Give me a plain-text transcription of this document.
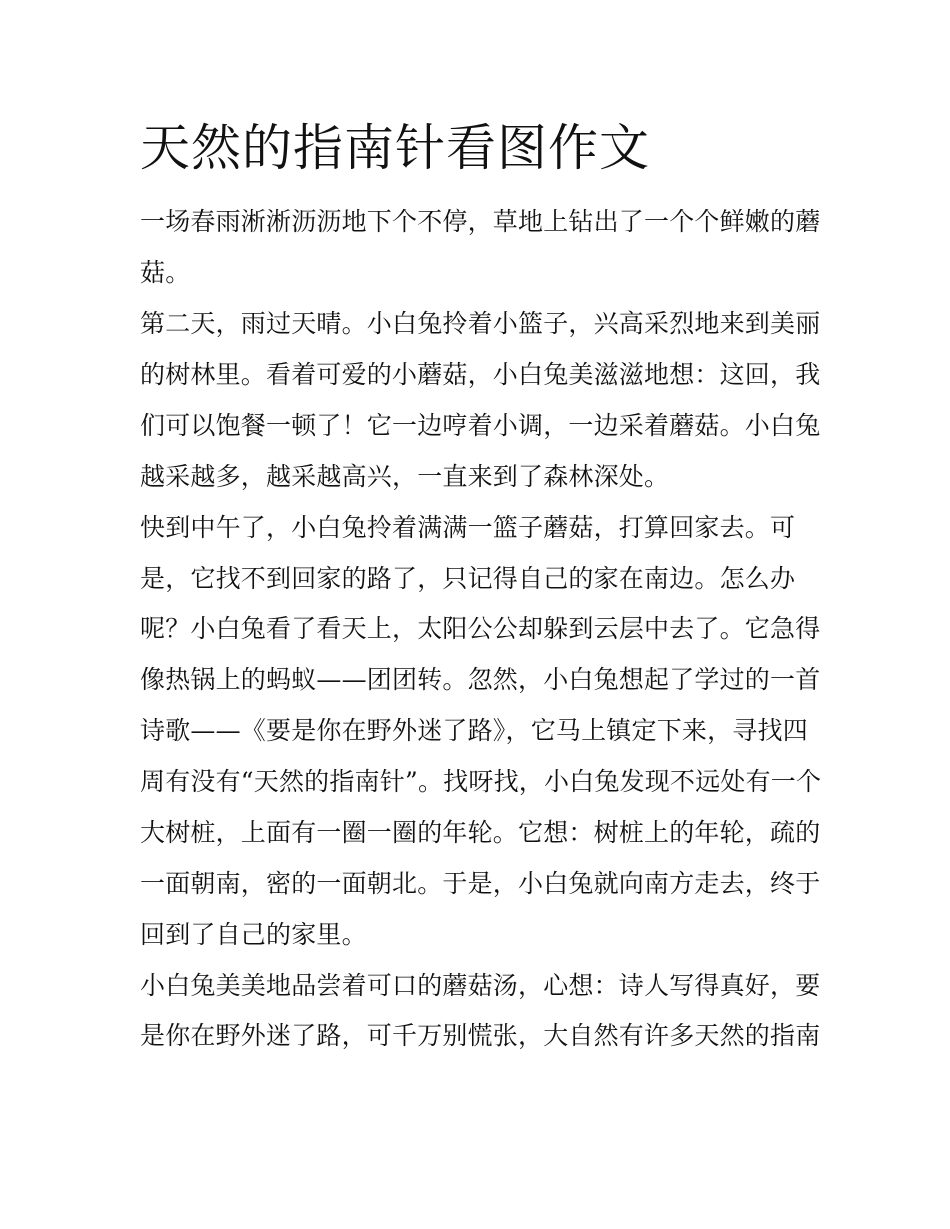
天然的指南针看图作文

一场春雨淅淅沥沥地下个不停，草地上钻出了一个个鲜嫩的蘑

菇。

第二天，雨过天晴。小白兔拎着小篮子，兴高采烈地来到美丽

的树林里。看着可爱的小蘑菇，小白兔美滋滋地想：这回，我

们可以饱餐一顿了！它一边哼着小调，一边采着蘑菇。小白兔

越采越多，越采越高兴，一直来到了森林深处。

快到中午了，小白兔拎着满满一篮子蘑菇，打算回家去。可

是，它找不到回家的路了，只记得自己的家在南边。怎么办

呢？小白兔看了看天上，太阳公公却躲到云层中去了。它急得

像热锅上的蚂蚁——团团转。忽然，小白兔想起了学过的一首

诗歌——《要是你在野外迷了路》，它马上镇定下来，寻找四

周有没有“天然的指南针”。找呀找，小白兔发现不远处有一个

大树桩，上面有一圈一圈的年轮。它想：树桩上的年轮，疏的

一面朝南，密的一面朝北。于是，小白兔就向南方走去，终于

回到了自己的家里。

小白兔美美地品尝着可口的蘑菇汤，心想：诗人写得真好，要

是你在野外迷了路，可千万别慌张，大自然有许多天然的指南
